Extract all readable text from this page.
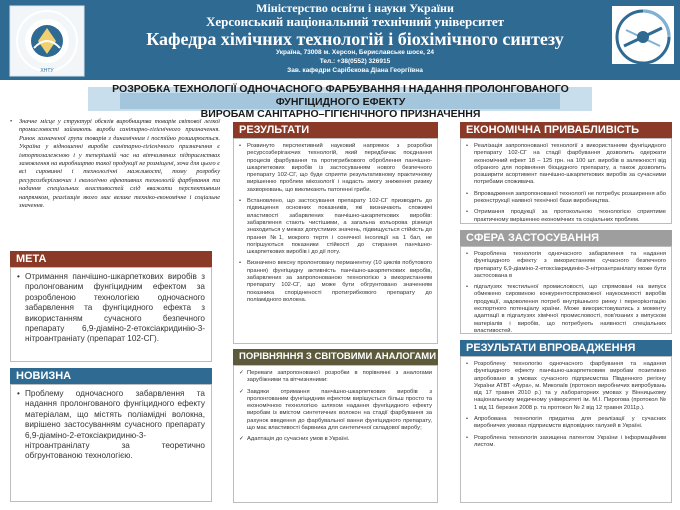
ХНТУ
Міністерство освіти і науки України
Херсонський національний технічний університет
Кафедра хімічних технологій і біохімічного синтезу
Україна, 73008 м. Херсон, Бериславське шосе, 24
Тел.: +38(0552) 326915
Зав. кафедри Сарібєкова Діана Георгіївна
РОЗРОБКА ТЕХНОЛОГІЇ ОДНОЧАСНОГО ФАРБУВАННЯ І НАДАННЯ ПРОЛОНГОВАНОГО ФУНГІЦИДНОГО ЕФЕКТУ
ВИРОБАМ САНІТАРНО–ГІГІЄНІЧНОГО ПРИЗНАЧЕННЯ
•	Значне місце у структурі обсягів виробництва товарів світової легкої промисловості займають вироби санітарно-гігієнічного призначення. Ринок зазначеної групи товарів з динамічним і постійно розширюється. Україна у відношенні виробів санітарно-гігієнічного призначення є імпортозалежною і у теперішній час на вітчизняних підприємствах замовлення на виробництво такої продукції не розміщені, хоча для цього є всі сировинні і технологічні мажливості, тому розробку ресурсозберігаючих і екологічно ефективних технологій фарбування та надання спеціальних властивостей слід вважати перспективним напрямком, реалізація якого має велике техніко-економічне і соціальне значення.
МЕТА
• Отримання панчішно-шкарпеткових виробів з пролонгованим фунгіцидним ефектом за розробленою технологією одночасного забарвлення та фунгіцидного ефекта з використанням сучасного безпечного препарату 6,9-діаміно-2-етоксіакридинію-3-нітроантраніату (препарат 102-СГ).
НОВИЗНА
• Проблему одночасного забарвлення та надання пролонгованого фунгіцидного ефекту матеріалам, що містять поліамідні волокна, вирішено застосуванням сучасного препарату 6,9-діаміно-2-етоксіакридиню-3-нітроантранілату за теоретично обгрунтованою технологією.
РЕЗУЛЬТАТИ
•	Розвинуто перспективний науковий напрямок з розробки ресурсозберігаючих технологій, який передбачає поєднання процесів фарбування та протигрибкового оброблення панчішно-шкарпеткових виробів із застосуванням нового безпечного препарату 102-СГ, що буде сприяти результативному практичному вирішенню проблем мікозології і надасть змогу зниження ризику захворювань, що викликають патогенні гриби.
•	Встановлено, що застосування препарату 102-СГ призводить до підвищення основних показників, які визначають споживчі властивості забарвлених панчішно-шкарпеткових виробів: забарвлення стають чистішими, а загальна кольорова різниця знаходиться у межах допустимих значень, підвищується стійкість до прання №1, мокрого тертя і сонячної інсоляції на 1 бал, не погіршуються показники стійкості до стирання панчішно-шкарпеткових виробів і до дії поту.
•	Визначено вексну пролонговану перманентну (10 циклів побутового прання) фунгіцидну активність панчішно-шкарпеткових виробів, забарвлених за запропонованою технологією з використанням препарату 102-СГ, що може бути обгрунтовано значенням показника спорідненості протигрибкового препарату до поліамідного волокна.
ПОРІВНЯННЯ З СВІТОВИМИ АНАЛОГАМИ
✓ Переваги запропонованої розробки в порівнянні з аналогами зарубіжними та вітчизняними:
✓ Завдяки отримання панчішно-шкарпеткових виробів з пролонгованим фунгіцидним ефектом вирішується більш просто та економічною технологією шляхом надання фунгіцидного ефекту виробам із вмістом синтетичних волокон на стадії фарбування за рахунок введення до фарбувальної ванни фунгіцидного препарату, що має властивості барвника для синтетичної складової виробу;
✓ Адаптація до сучасних умов в Україні.
ЕКОНОМІЧНА ПРИВАБЛИВІСТЬ
•	Реалізація запропонованої технології з використанням фунгіцидного препарату 102-СГ на стадії фарбування дозволить одержати економічний ефект 18 – 125 грн. на 100 шт. виробів в залежності від обраного для порівняння біоцидного препарату, а також дозволить розширити асортимент панчішно-шкарпеткових виробів за сучасними потребами споживача.
•	Впровадження запропонованої технології не потребує розширення або реконструкції наявної технічної бази виробництва.
•	Отримання продукції за протокольною технологією сприятиме практичному вирішенню економічних та соціальних проблем.
СФЕРА ЗАСТОСУВАННЯ
•	Розроблена технологія одночасного забарвлення та надання фунгіцидного ефекту з використанням сучасного безпечного препарату 6,9-діаміно-2-етоксіакридинію-3-нітроантранілату може бути застосована в
•	підгалузях текстильної промисловості, що спрямовані на випуск обмежено сировиною конкурентоспроможної наукоємності виробів продукції, задоволення потреб внутрішнього ринку і переорієнтацію експортного потенціалу країни. Може використовуватись з моменту адаптації в підгалузях хімічної промисловості, пов'язаних з випуском матеріалів і виробів, що потребують наявності спеціальних властивостей.
РЕЗУЛЬТАТИ ВПРОВАДЖЕННЯ
•	Розроблену технологію одночасного фарбування та надання фунгіцидного ефекту панчішно-шкарпетковим виробам позитивно апробовано в умовах сучасного підприємства Південного регіону України АТВТ «Аура», м. Миколаїв (протокол виробничих випробувань від 17 травня 2010 р.) та у лабораторних умовах у Вінницькому національному медичному університеті ім. М.І. Пирогова (протокол № 1 від 11 березня 2008 р. та протокол № 2 від 12 травня 2011р.).
•	Апробована технологія придатна для реалізації у сучасних виробничих умовах підприємств відповідних галузей в Україні.
•	Розроблена технологія захищена патентом України і інформаційним листом.
